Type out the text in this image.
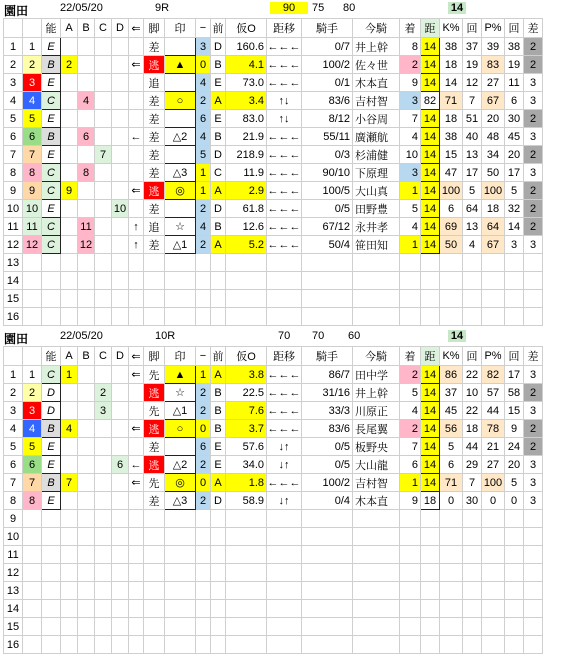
園田	22/05/20	9R	90	75 80	14
		能	A	B	C	D	⇐	脚	印	−	前	仮O	距移	騎手	今騎	着	距	K%	回	P%	回	差
1	1	E						差		3	D	160.6	←←←	0/7	井上幹	8	14	38	37	39	38	2
2	2	B	2				⇐	逃	▲	0	B	4.1	←←←	100/2	佐々世	2	14	18	19	83	19	2
3	3	E						追		4	E	73.0	←←←	0/1	木本直	9	14	14	12	27	11	3
4	4	C		4				差	○	2	A	3.4	↑↓	83/6	吉村智	3	82	71	7	67	6	3
5	5	E						差		6	E	83.0	↑↓	8/12	小谷周	7	14	18	51	20	30	2
6	6	B		6			←	差	△2	4	B	21.9	←←←	55/11	廣瀬航	4	14	38	40	48	45	3
7	7	E			7			差		5	D	218.9	←←←	0/3	杉浦健	10	14	15	13	34	20	2
8	8	C		8				差	△3	1	C	11.9	←←←	90/10	下原理	3	14	47	17	50	17	3
9	9	C	9				⇐	逃	◎	1	A	2.9	←←←	100/5	大山真	1	14	100	5	100	5	2
10	10	E				10		差		2	D	61.8	←←←	0/5	田野豊	5	14	6	64	18	32	2
11	11	C		11			↑	追	☆	4	B	12.6	←←←	67/12	永井孝	4	14	69	13	64	14	2
12	12	C		12			↑	差	△1	2	A	5.2	←←←	50/4	笹田知	1	14	50	4	67	3	3
13																						
14																						
15																						
16																						
園田	22/05/20	10R	70 70 60	14
		能	A	B	C	D	⇐	脚	印	−	前	仮O	距移	騎手	今騎	着	距	K%	回	P%	回	差
1	1	C	1				⇐	先	▲	1	A	3.8	←←←	86/7	田中学	2	14	86	22	82	17	3
2	2	D			2			逃	☆	2	B	22.5	←←←	31/16	井上幹	5	14	37	10	57	58	2
3	3	D			3			先	△1	2	B	7.6	←←←	33/3	川原正	4	14	45	22	44	15	3
4	4	B	4				⇐	逃	○	0	B	3.7	←←←	83/6	長尾翼	2	14	56	18	78	9	2
5	5	E						差		6	E	57.6	↓↑	0/5	板野央	7	14	5	44	21	24	2
6	6	E				6	←	逃	△2	2	E	34.0	↓↑	0/5	大山龍	6	14	6	29	27	20	3
7	7	B	7				⇐	先	◎	0	A	1.8	←←←	100/2	吉村智	1	14	71	7	100	5	3
8	8	E						差	△3	2	D	58.9	↓↑	0/4	木本直	9	18	0	30	0	0	3
9																						
10																						
11																						
12																						
13																						
14																						
15																						
16																						
